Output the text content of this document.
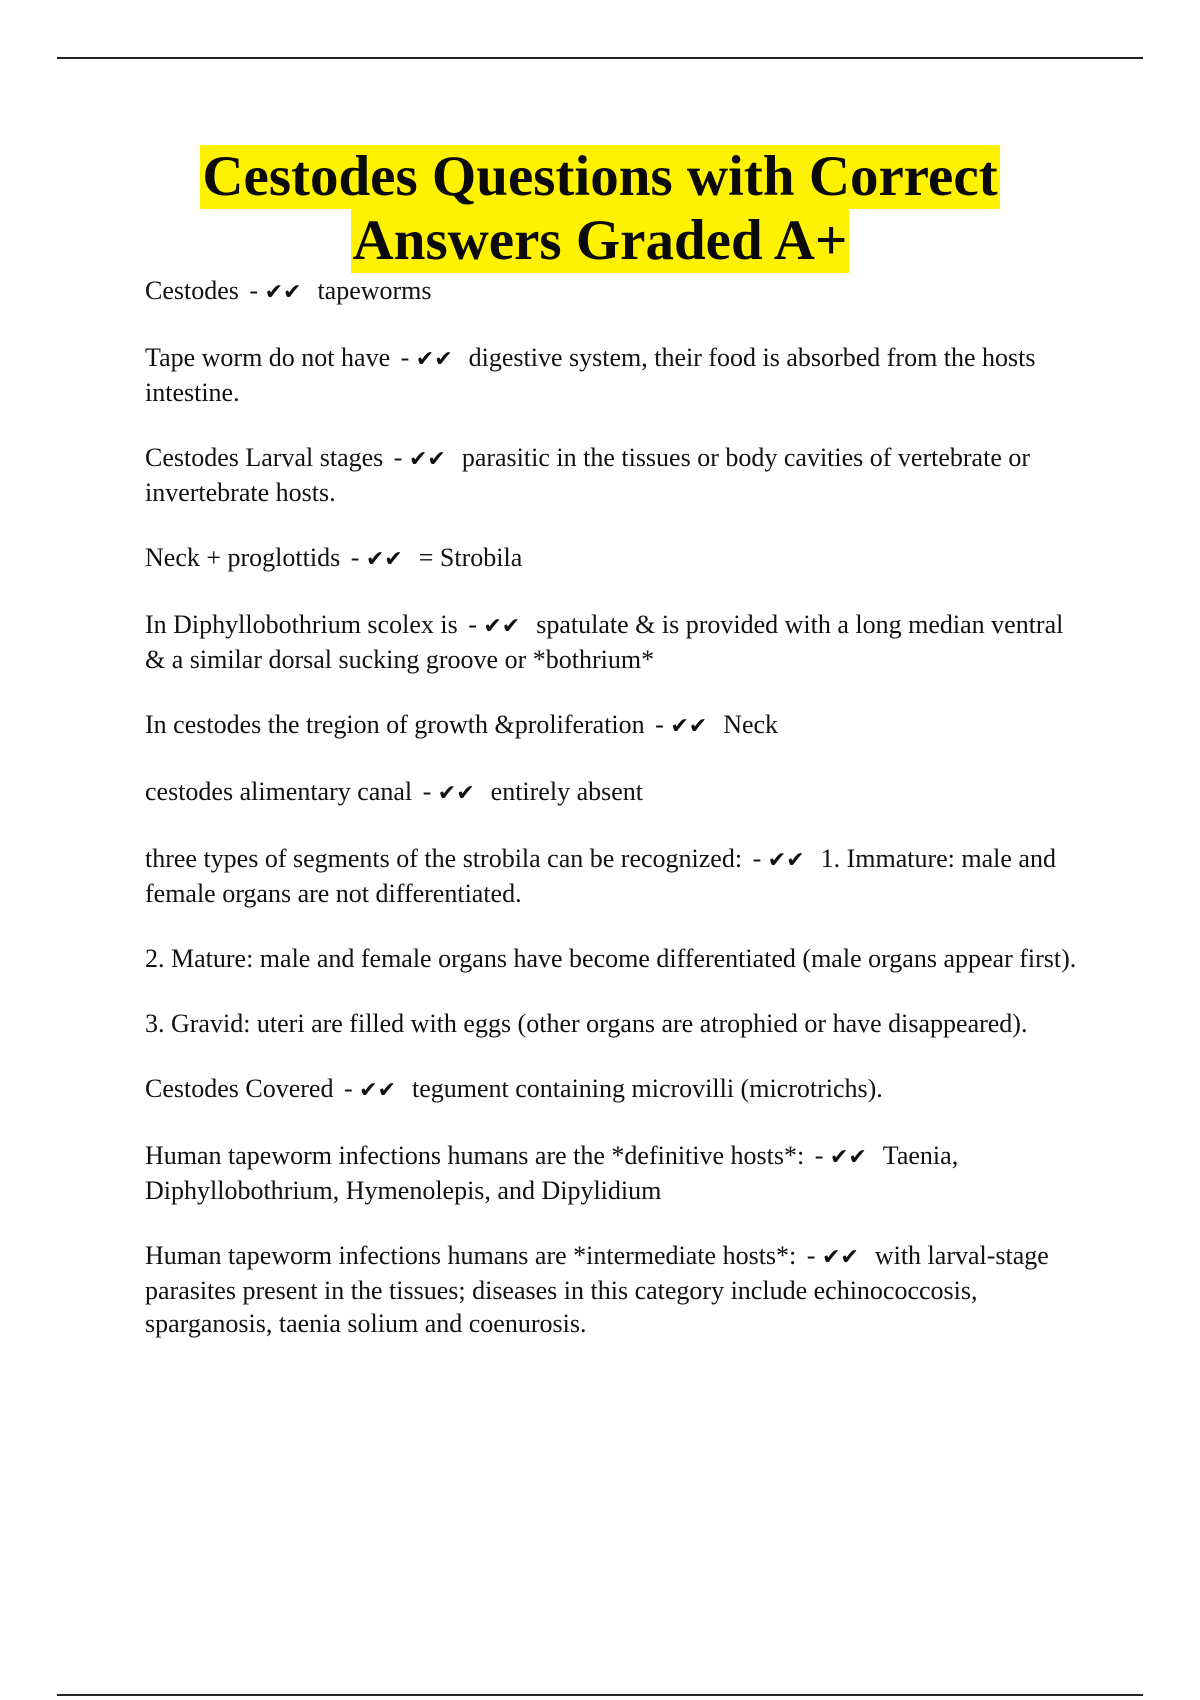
Cestodes Questions with Correct
Answers Graded A+

Cestodes - ✔✔ tapeworms

Tape worm do not have - ✔✔ digestive system, their food is absorbed from the hosts intestine.

Cestodes Larval stages - ✔✔ parasitic in the tissues or body cavities of vertebrate or invertebrate hosts.

Neck + proglottids - ✔✔ = Strobila

In Diphyllobothrium scolex is - ✔✔ spatulate & is provided with a long median ventral & a similar dorsal sucking groove or *bothrium*

In cestodes the tregion of growth &proliferation - ✔✔ Neck

cestodes alimentary canal - ✔✔ entirely absent

three types of segments of the strobila can be recognized: - ✔✔ 1. Immature: male and female organs are not differentiated.

2. Mature: male and female organs have become differentiated (male organs appear first).

3. Gravid: uteri are filled with eggs (other organs are atrophied or have disappeared).

Cestodes Covered - ✔✔ tegument containing microvilli (microtrichs).

Human tapeworm infections humans are the *definitive hosts*: - ✔✔ Taenia, Diphyllobothrium, Hymenolepis, and Dipylidium

Human tapeworm infections humans are *intermediate hosts*: - ✔✔ with larval-stage parasites present in the tissues; diseases in this category include echinococcosis, sparganosis, taenia solium and coenurosis.
